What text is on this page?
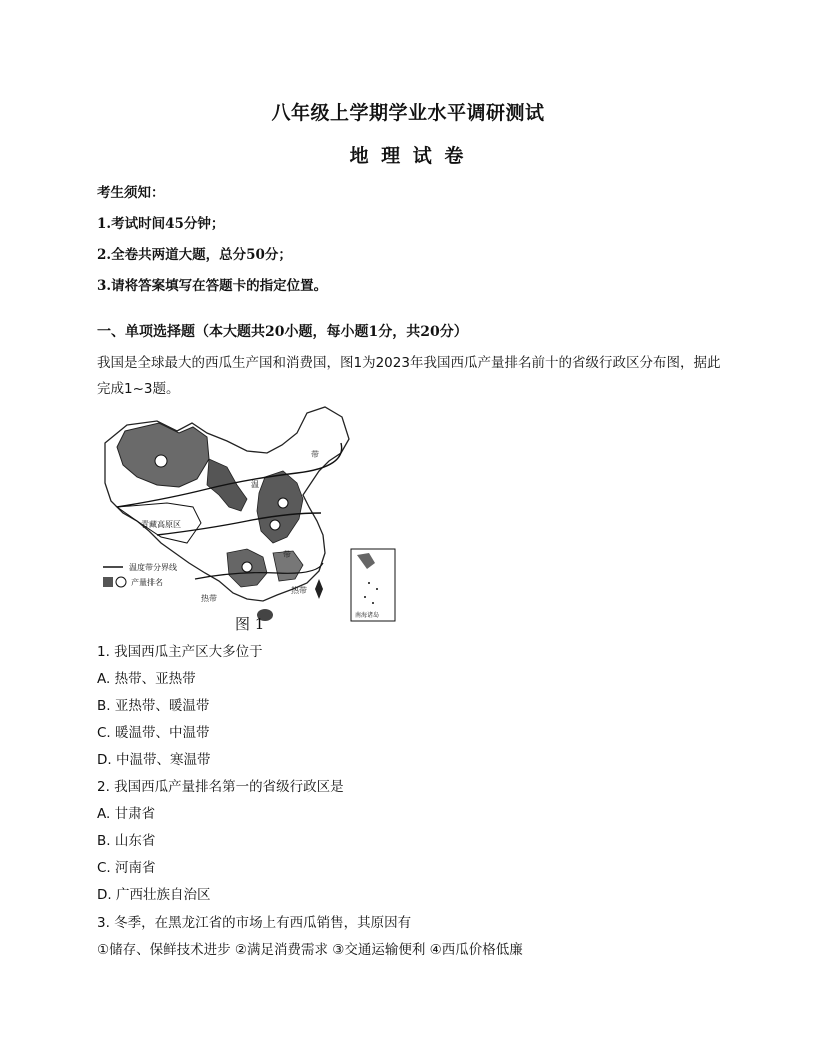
八年级上学期学业水平调研测试
地 理 试 卷
考生须知：
1.考试时间45分钟；
2.全卷共两道大题，总分50分；
3.请将答案填写在答题卡的指定位置。
一、单项选择题（本大题共20小题，每小题1分，共20分）
我国是全球最大的西瓜生产国和消费国，图1为2023年我国西瓜产量排名前十的省级行政区分布图，据此完成1~3题。
青藏高原区
温
带
带
热带
热带
温度带分界线
产量排名
南海诸岛
图 1
1. 我国西瓜主产区大多位于
A. 热带、亚热带
B. 亚热带、暖温带
C. 暖温带、中温带
D. 中温带、寒温带
2. 我国西瓜产量排名第一的省级行政区是
A. 甘肃省
B. 山东省
C. 河南省
D. 广西壮族自治区
3. 冬季，在黑龙江省的市场上有西瓜销售，其原因有
①储存、保鲜技术进步 ②满足消费需求 ③交通运输便利 ④西瓜价格低廉
